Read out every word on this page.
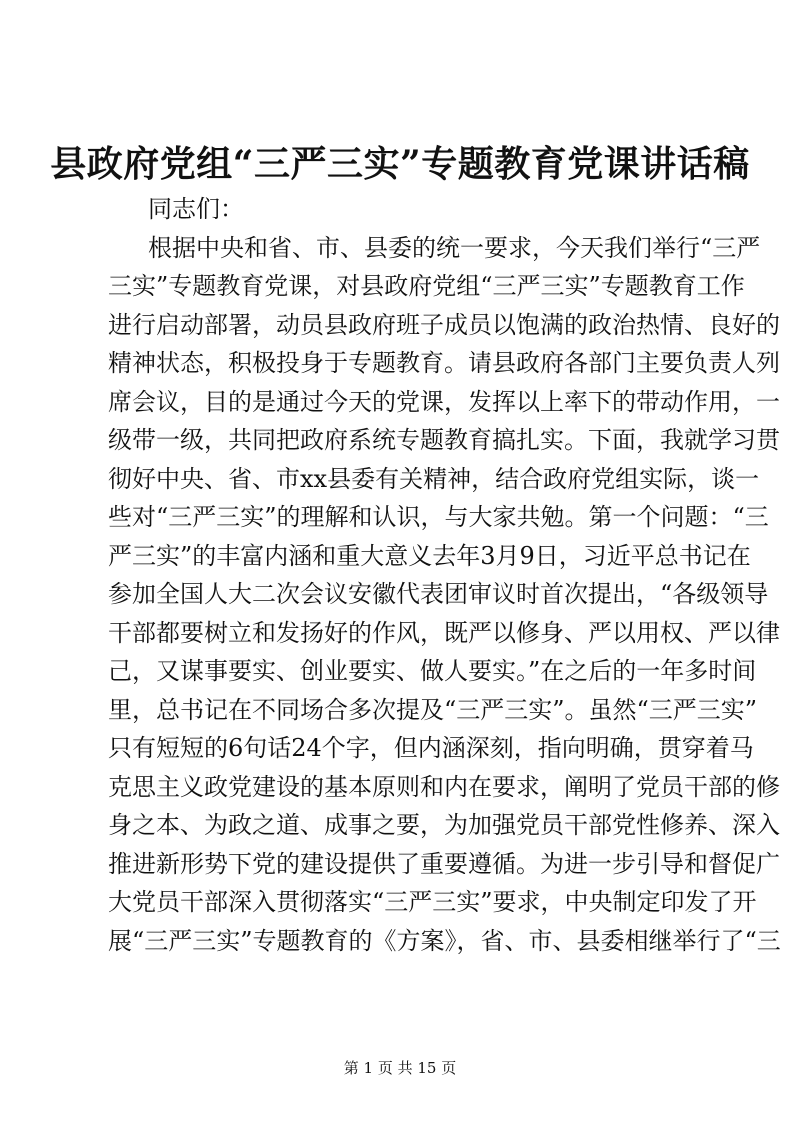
县政府党组“三严三实”专题教育党课讲话稿
同志们：
根据中央和省、市、县委的统一要求，今天我们举行“三严
三实”专题教育党课，对县政府党组“三严三实”专题教育工作
进行启动部署，动员县政府班子成员以饱满的政治热情、良好的
精神状态，积极投身于专题教育。请县政府各部门主要负责人列
席会议，目的是通过今天的党课，发挥以上率下的带动作用，一
级带一级，共同把政府系统专题教育搞扎实。下面，我就学习贯
彻好中央、省、市xx县委有关精神，结合政府党组实际，谈一
些对“三严三实”的理解和认识，与大家共勉。第一个问题：“三
严三实”的丰富内涵和重大意义去年3月9日，习近平总书记在
参加全国人大二次会议安徽代表团审议时首次提出，“各级领导
干部都要树立和发扬好的作风，既严以修身、严以用权、严以律
己，又谋事要实、创业要实、做人要实。”在之后的一年多时间
里，总书记在不同场合多次提及“三严三实”。虽然“三严三实”
只有短短的6句话24个字，但内涵深刻，指向明确，贯穿着马
克思主义政党建设的基本原则和内在要求，阐明了党员干部的修
身之本、为政之道、成事之要，为加强党员干部党性修养、深入
推进新形势下党的建设提供了重要遵循。为进一步引导和督促广
大党员干部深入贯彻落实“三严三实”要求，中央制定印发了开
展“三严三实”专题教育的《方案》，省、市、县委相继举行了“三
第 1 页 共 15 页
